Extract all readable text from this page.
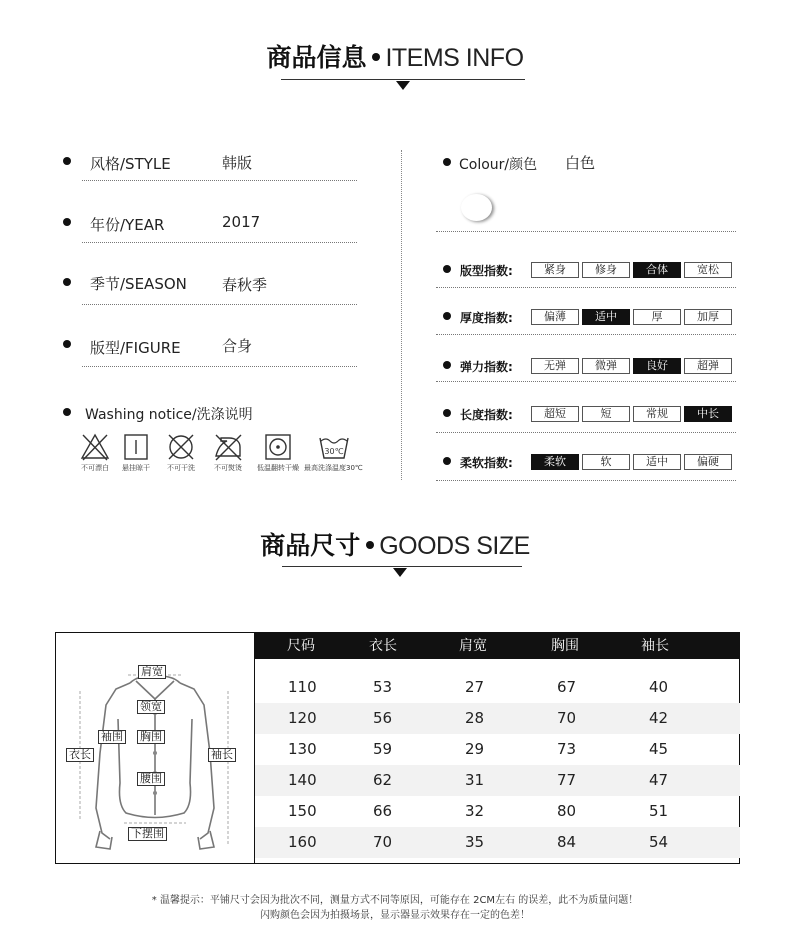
商品信息 ITEMS INFO
风格/STYLE	韩版
年份/YEAR	2017
季节/SEASON 春秋季
版型/FIGURE	合身
Washing notice/洗涤说明
不可漂白	悬挂晾干	不可干洗	不可熨烫	低温翻转干燥
30℃
最高洗涤温度30℃
Colour/颜色 白色
版型指数:	紧身	修身	合体	宽松
厚度指数:	偏薄	适中	厚	加厚
弹力指数:	无弹	微弹	良好	超弹
长度指数:	超短	短	常规	中长
柔软指数:	柔软	软	适中	偏硬
商品尺寸 GOODS SIZE
肩宽
领宽
袖围 胸围
衣长	袖长
腰围
下摆围
尺码	衣长	肩宽	胸围	袖长
110	53	27	67	40
120	56	28	70	42
130	59	29	73	45
140	62	31	77	47
150	66	32	80	51
160	70	35	84	54
* 温馨提示：平铺尺寸会因为批次不同，测量方式不同等原因，可能存在 2CM左右 的误差，此不为质量问题！
闪购颜色会因为拍摄场景，显示器显示效果存在一定的色差！
